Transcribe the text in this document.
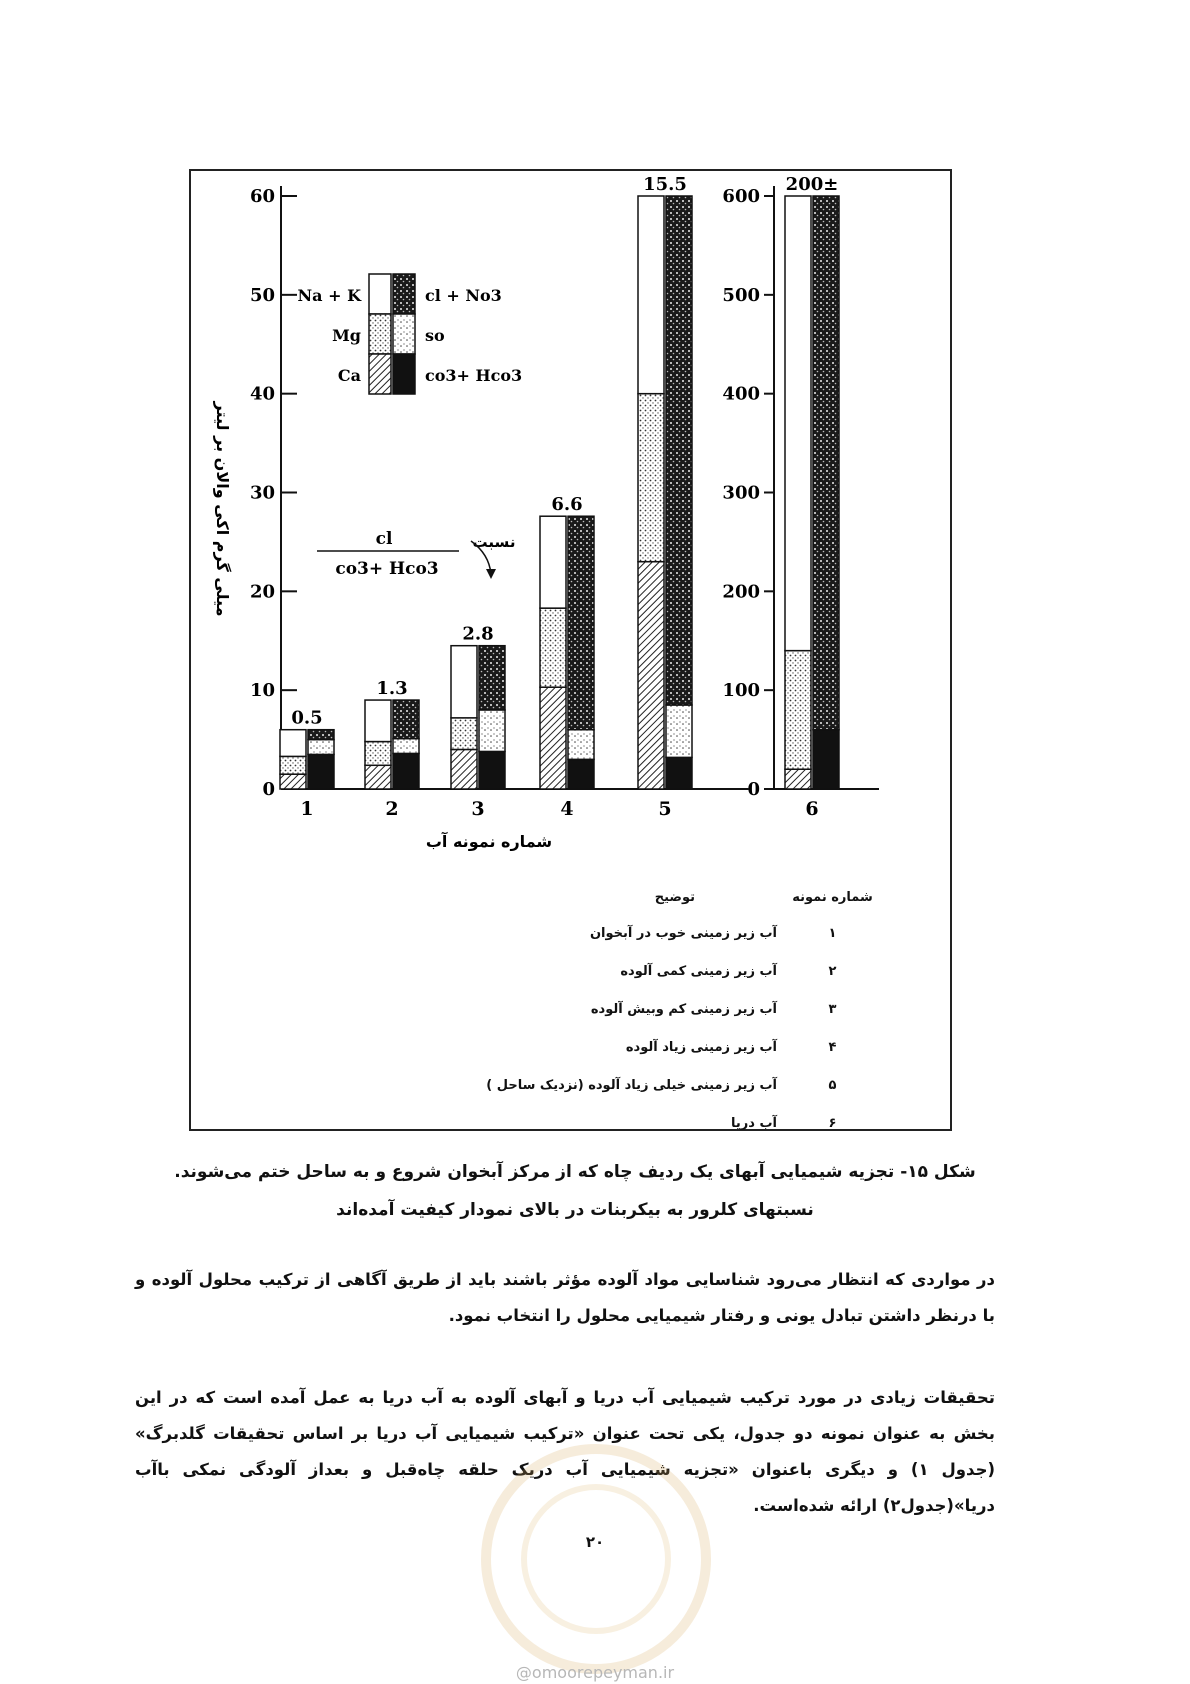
0
10
20
30
40
50
60
0
100
200
300
400
500
600
میلی گرم اکی والان بر لیتر
شماره نمونه آب
0.5
1
1.3
2
2.8
3
6.6
4
15.5
5
200±
6
Na + K
Mg
Ca
cl + No3
so
co3+ Hco3
cl
co3+ Hco3
نسبت
شماره نمونه
توضیح
۱
آب زیر زمینی خوب در آبخوان
۲
آب زیر زمینی کمی آلوده
۳
آب زیر زمینی کم وبیش آلوده
۴
آب زیر زمینی زیاد آلوده
۵
آب زیر زمینی خیلی زیاد آلوده (نزدیک ساحل )
۶
آب دریا
شکل ۱۵- تجزیه شیمیایی آبهای یک ردیف چاه که از مرکز آبخوان شروع و به ساحل ختم می‌شوند.
نسبتهای کلرور به بیکربنات در بالای نمودار کیفیت آمده‌اند
در مواردی که انتظار می‌رود شناسایی مواد آلوده مؤثر باشند باید از طریق آگاهی از ترکیب محلول آلوده و با درنظر داشتن تبادل یونی و رفتار شیمیایی محلول را انتخاب نمود.
تحقیقات زیادی در مورد ترکیب شیمیایی آب دریا و آبهای آلوده به آب دریا به عمل آمده است که در این بخش به عنوان نمونه دو جدول، یکی تحت عنوان «ترکیب شیمیایی آب دریا بر اساس تحقیقات گلدبرگ» (جدول ۱) و دیگری باعنوان «تجزیه شیمیایی آب دریک حلقه چاه‌قبل و بعداز آلودگی نمکی باآب دریا»(جدول۲) ارائه شده‌است.
۲۰
@omoorepeyman.ir
